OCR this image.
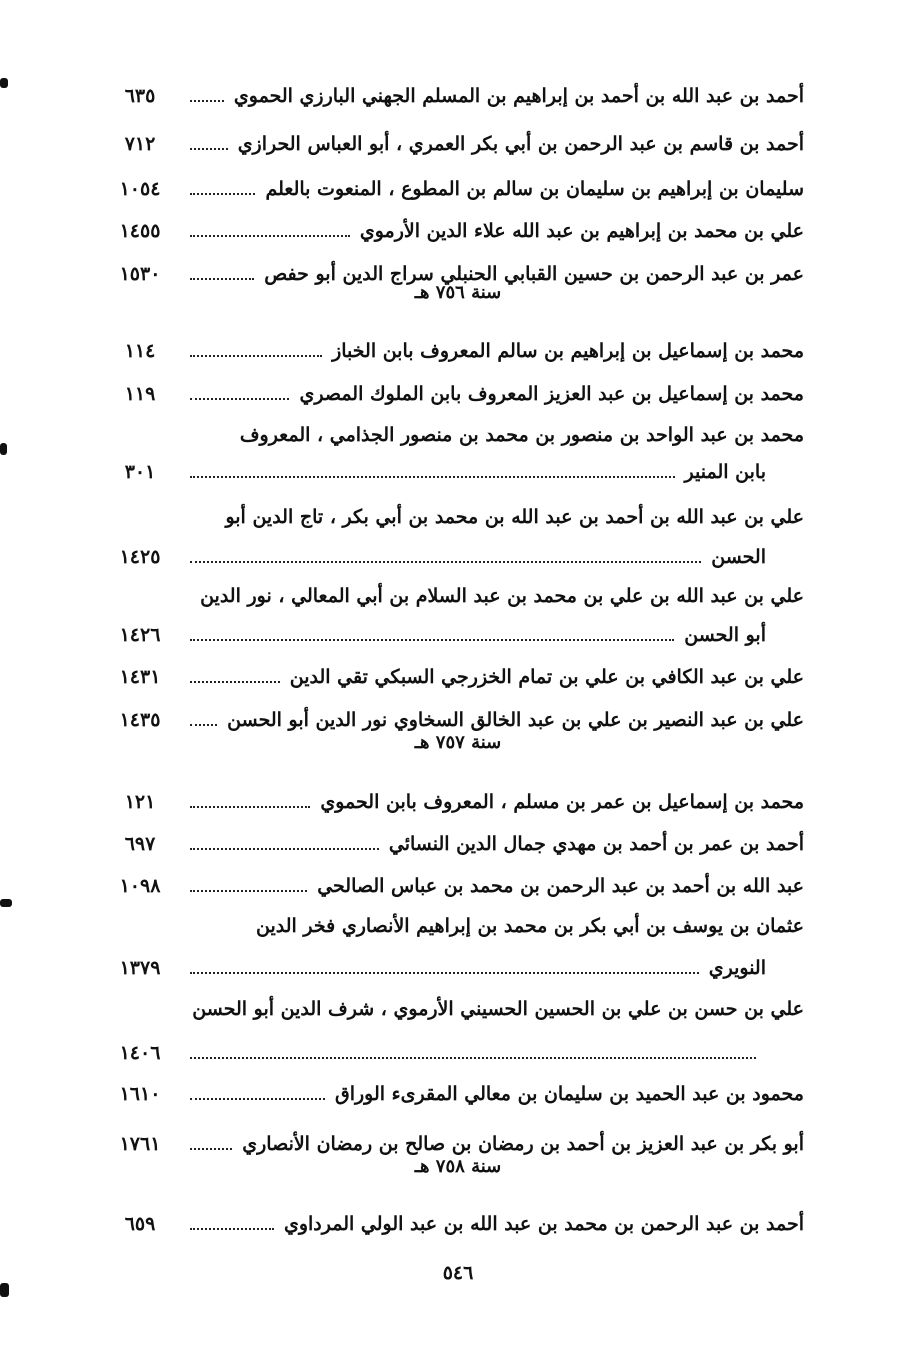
أحمد بن عبد الله بن أحمد بن إبراهيم بن المسلم الجهني البارزي الحموي
٦٣٥
أحمد بن قاسم بن عبد الرحمن بن أبي بكر العمري ، أبو العباس الحرازي
٧١٢
سليمان بن إبراهيم بن سليمان بن سالم بن المطوع ، المنعوت بالعلم
١٠٥٤
علي بن محمد بن إبراهيم بن عبد الله علاء الدين الأرموي
١٤٥٥
عمر بن عبد الرحمن بن حسين القبابي الحنبلي سراج الدين أبو حفص
١٥٣٠
سنة ٧٥٦ هـ
محمد بن إسماعيل بن إبراهيم بن سالم المعروف بابن الخباز
١١٤
محمد بن إسماعيل بن عبد العزيز المعروف بابن الملوك المصري
١١٩
محمد بن عبد الواحد بن منصور بن محمد بن منصور الجذامي ، المعروف
بابن المنير
٣٠١
علي بن عبد الله بن أحمد بن عبد الله بن محمد بن أبي بكر ، تاج الدين أبو
الحسن
١٤٢٥
علي بن عبد الله بن علي بن محمد بن عبد السلام بن أبي المعالي ، نور الدين
أبو الحسن
١٤٢٦
علي بن عبد الكافي بن علي بن تمام الخزرجي السبكي تقي الدين
١٤٣١
علي بن عبد النصير بن علي بن عبد الخالق السخاوي نور الدين أبو الحسن
١٤٣٥
سنة ٧٥٧ هـ
محمد بن إسماعيل بن عمر بن مسلم ، المعروف بابن الحموي
١٢١
أحمد بن عمر بن أحمد بن مهدي جمال الدين النسائي
٦٩٧
عبد الله بن أحمد بن عبد الرحمن بن محمد بن عباس الصالحي
١٠٩٨
عثمان بن يوسف بن أبي بكر بن محمد بن إبراهيم الأنصاري فخر الدين
النويري
١٣٧٩
علي بن حسن بن علي بن الحسين الحسيني الأرموي ، شرف الدين أبو الحسن
١٤٠٦
محمود بن عبد الحميد بن سليمان بن معالي المقرىء الوراق
١٦١٠
أبو بكر بن عبد العزيز بن أحمد بن رمضان بن صالح بن رمضان الأنصاري
١٧٦١
سنة ٧٥٨ هـ
أحمد بن عبد الرحمن بن محمد بن عبد الله بن عبد الولي المرداوي
٦٥٩
٥٤٦
